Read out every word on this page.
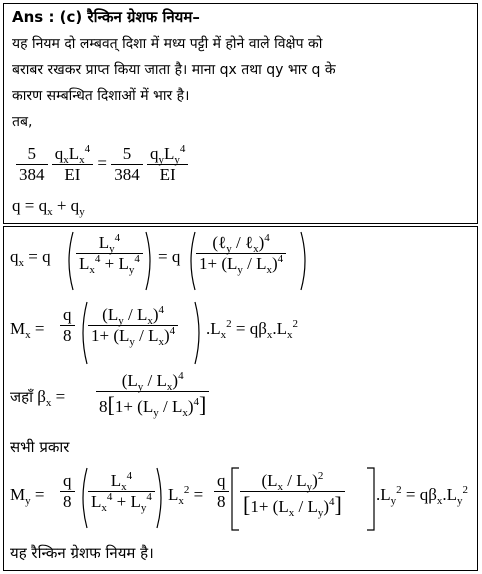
Ans : (c) रैन्किन ग्रेशफ नियम–
यह नियम दो लम्बवत् दिशा में मध्य पट्टी में होने वाले विक्षेप को
बराबर रखकर प्राप्त किया जाता है। माना qx तथा qy भार q के
कारण सम्बन्धित दिशाओं में भार है।
तब,
$\frac{5}{384}$
$\frac{q_xL_x^4}{EI} = \frac{5}{384}$
$\frac{q_yL_y^4}{EI}$
$q = q_x + q_y$
$q_x = q \frac{L_y^4}{L_x^4 + L_y^4} = q \frac{(\ell_y / \ell_x)^4}{1+ (L_y / L_x)^4}$
$M_x = \frac{q}{8} \frac{(L_y / L_x)^4}{1+ (L_y / L_x)^4} .L_x^2 = q\beta_x.L_x^2$
जहाँ $\beta_x = \frac{(L_y / L_x)^4}{8[1+ (L_y / L_x)^4]}$
सभी प्रकार
$M_y = \frac{q}{8} \frac{L_x^4}{L_x^4 + L_y^4} L_x^2 = \frac{q}{8} \frac{(L_x / L_y)^2}{[1+ (L_x / L_y)^4]} .L_y^2 = q\beta_x.L_y^2$
यह रैन्किन ग्रेशफ नियम है।
